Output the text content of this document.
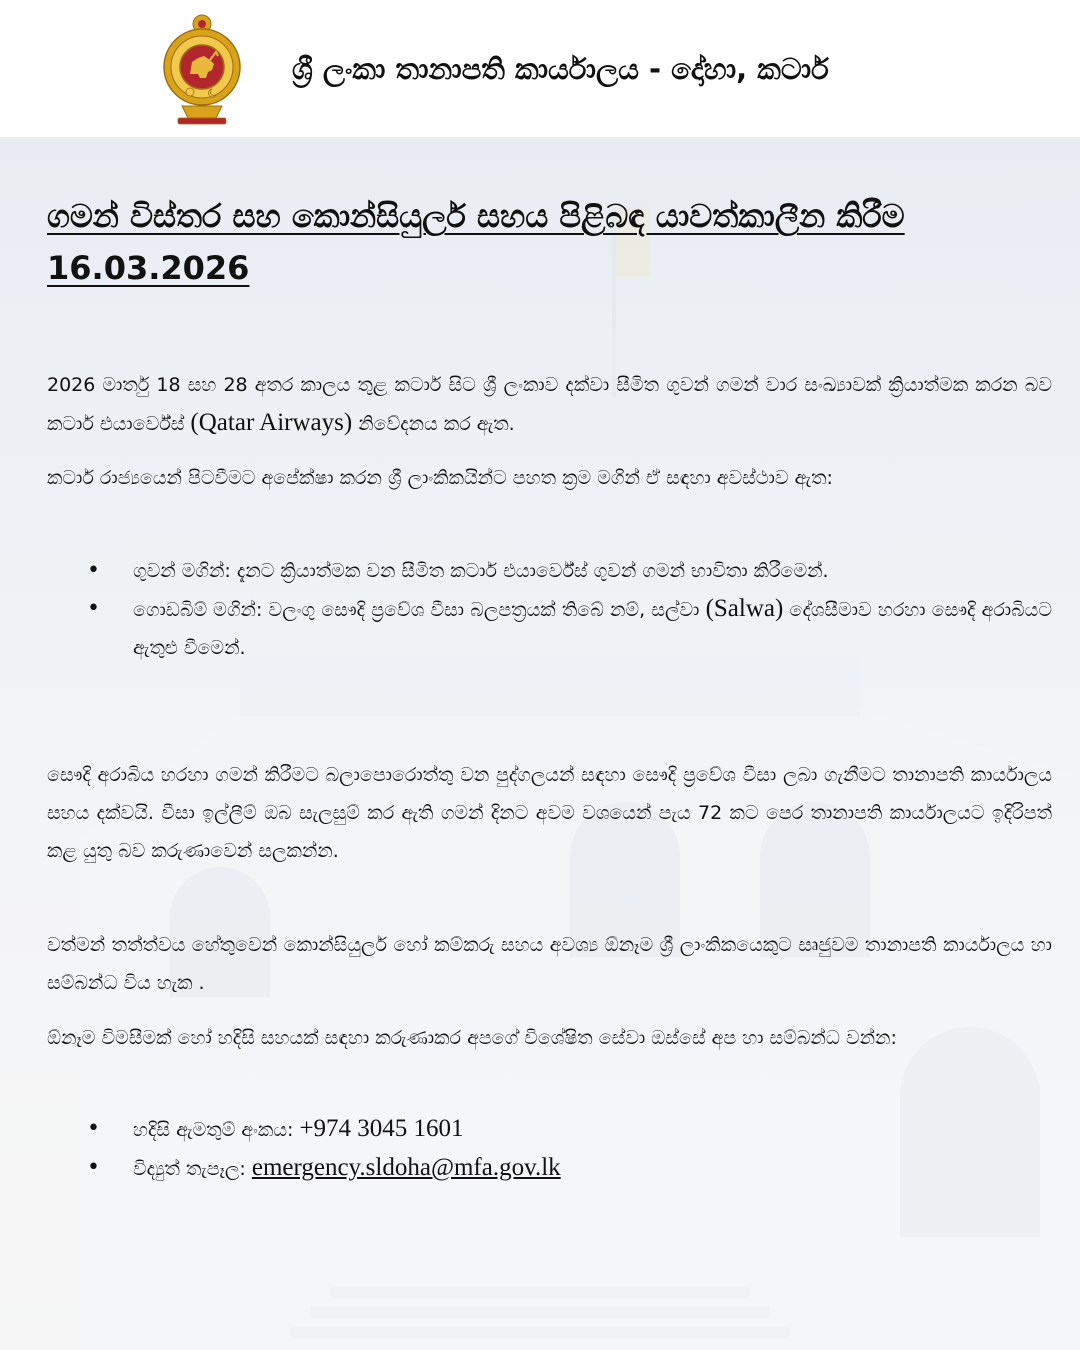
ශ්‍රී ලංකා තානාපති කාර්යාලය - දෝහා, කටාර්
ගමන් විස්තර සහ කොන්සියුලර් සහය පිළිබඳ යාවත්කාලීන කිරීම 16.03.2026
2026 මාර්තු 18 සහ 28 අතර කාලය තුළ කටාර් සිට ශ්‍රී ලංකාව දක්වා සීමිත ගුවන් ගමන් වාර සංඛ්‍යාවක් ක්‍රියාත්මක කරන බව කටාර් එයාර්වේස් (Qatar Airways) නිවේදනය කර ඇත.
කටාර් රාජ්‍යයෙන් පිටවීමට අපේක්ෂා කරන ශ්‍රී ලාංකිකයින්ට පහත ක්‍රම මගින් ඒ සඳහා අවස්ථාව ඇත:
• ගුවන් මගින්: දැනට ක්‍රියාත්මක වන සීමිත කටාර් එයාර්වේස් ගුවන් ගමන් භාවිතා කිරීමෙන්.
• ගොඩබිම් මගින්: වලංගු සෞදි ප්‍රවේශ වීසා බලපත්‍රයක් තිබේ නම්, සල්වා (Salwa) දේශසීමාව හරහා සෞදි අරාබියට ඇතුළු වීමෙන්.
සෞදි අරාබිය හරහා ගමන් කිරීමට බලාපොරොත්තු වන පුද්ගලයන් සඳහා සෞදි ප්‍රවේශ වීසා ලබා ගැනීමට තානාපති කාර්යාලය සහය දක්වයි. වීසා ඉල්ලීම් ඔබ සැලසුම් කර ඇති ගමන් දිනට අවම වශයෙන් පැය 72 කට පෙර තානාපති කාර්යාලයට ඉදිරිපත් කළ යුතු බව කරුණාවෙන් සලකන්න.
වත්මන් තත්ත්වය හේතුවෙන් කොන්සියුලර් හෝ කම්කරු සහය අවශ්‍ය ඕනෑම ශ්‍රී ලාංකිකයෙකුට සෘජුවම තානාපති කාර්යාලය හා සම්බන්ධ විය හැක .
ඕනෑම විමසීමක් හෝ හදිසි සහයක් සඳහා කරුණාකර අපගේ විශේෂිත සේවා ඔස්සේ අප හා සම්බන්ධ වන්න:
• හදිසි ඇමතුම් අංකය: +974 3045 1601
• විද්‍යුත් තැපෑල: emergency.sldoha@mfa.gov.lk
